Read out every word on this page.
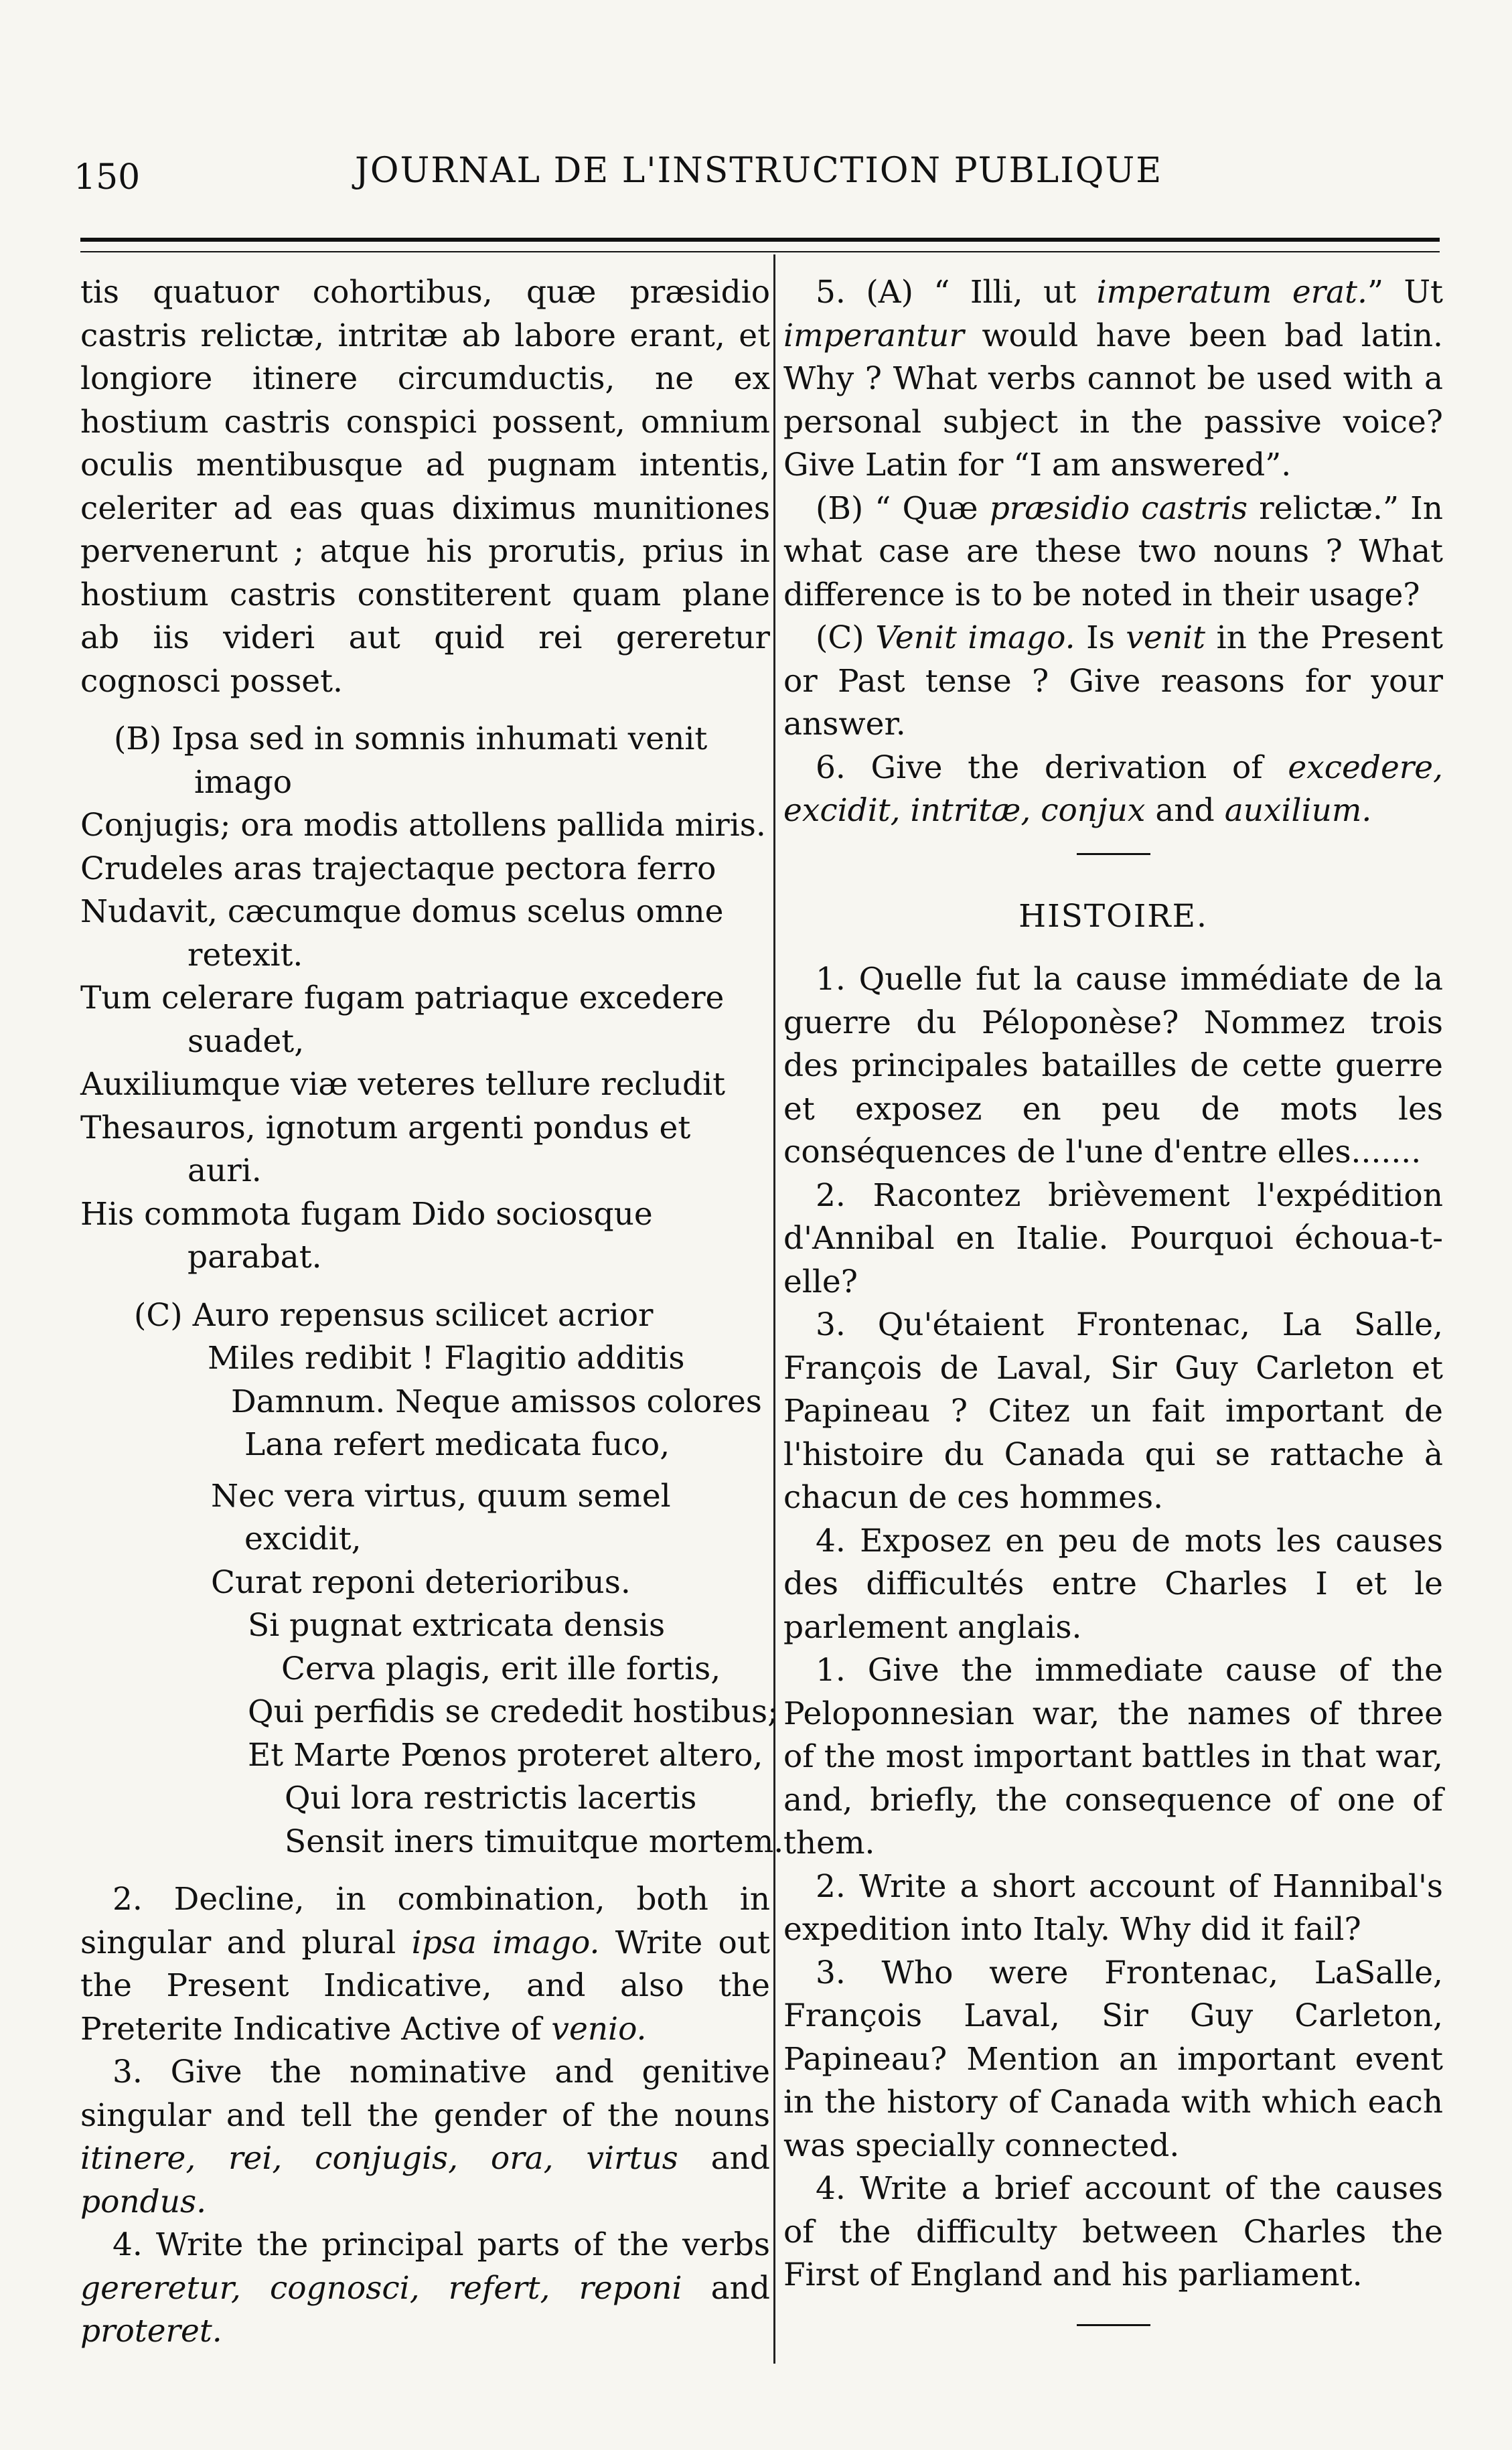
150	JOURNAL DE L'INSTRUCTION PUBLIQUE

tis quatuor cohortibus, quæ præsidio castris relictæ, intritæ ab labore erant, et longiore itinere circumductis, ne ex hostium castris conspici possent, omnium oculis mentibusque ad pugnam intentis, celeriter ad eas quas diximus munitiones pervenerunt ; atque his prorutis, prius in hostium castris constiterent quam plane ab iis videri aut quid rei gereretur cognosci posset.

(B) Ipsa sed in somnis inhumati venit imago

Conjugis; ora modis attollens pallida miris.

Crudeles aras trajectaque pectora ferro

Nudavit, cæcumque domus scelus omne retexit.

Tum celerare fugam patriaque excedere suadet,

Auxiliumque viæ veteres tellure recludit

Thesauros, ignotum argenti pondus et auri.

His commota fugam Dido sociosque parabat.

(C) Auro repensus scilicet acrior

Miles redibit ! Flagitio additis

Damnum. Neque amissos colores

Lana refert medicata fuco,

Nec vera virtus, quum semel excidit,

Curat reponi deterioribus.

Si pugnat extricata densis

Cerva plagis, erit ille fortis,

Qui perfidis se crededit hostibus;

Et Marte Pœnos proteret altero,

Qui lora restrictis lacertis

Sensit iners timuitque mortem.

2. Decline, in combination, both in singular and plural ipsa imago. Write out the Present Indicative, and also the Preterite Indicative Active of venio.

3. Give the nominative and genitive singular and tell the gender of the nouns itinere, rei, conjugis, ora, virtus and pondus.

4. Write the principal parts of the verbs gereretur, cognosci, refert, reponi and proteret.

5. (A) “ Illi, ut imperatum erat.” Ut imperantur would have been bad latin. Why ? What verbs cannot be used with a personal subject in the passive voice? Give Latin for “I am answered”.

(B) “ Quæ præsidio castris relictæ.” In what case are these two nouns ? What difference is to be noted in their usage?

(C) Venit imago. Is venit in the Present or Past tense ? Give reasons for your answer.

6. Give the derivation of excedere, excidit, intritæ, conjux and auxilium.

HISTOIRE.

1. Quelle fut la cause immédiate de la guerre du Péloponèse? Nommez trois des principales batailles de cette guerre et exposez en peu de mots les conséquences de l'une d'entre elles.......

2. Racontez brièvement l'expédition d'Annibal en Italie. Pourquoi échoua-t-elle?

3. Qu'étaient Frontenac, La Salle, François de Laval, Sir Guy Carleton et Papineau ? Citez un fait important de l'histoire du Canada qui se rattache à chacun de ces hommes.

4. Exposez en peu de mots les causes des difficultés entre Charles I et le parlement anglais.

1. Give the immediate cause of the Peloponnesian war, the names of three of the most important battles in that war, and, briefly, the consequence of one of them.

2. Write a short account of Hannibal's expedition into Italy. Why did it fail?

3. Who were Frontenac, LaSalle, François Laval, Sir Guy Carleton, Papineau? Mention an important event in the history of Canada with which each was specially connected.

4. Write a brief account of the causes of the difficulty between Charles the First of England and his parliament.
